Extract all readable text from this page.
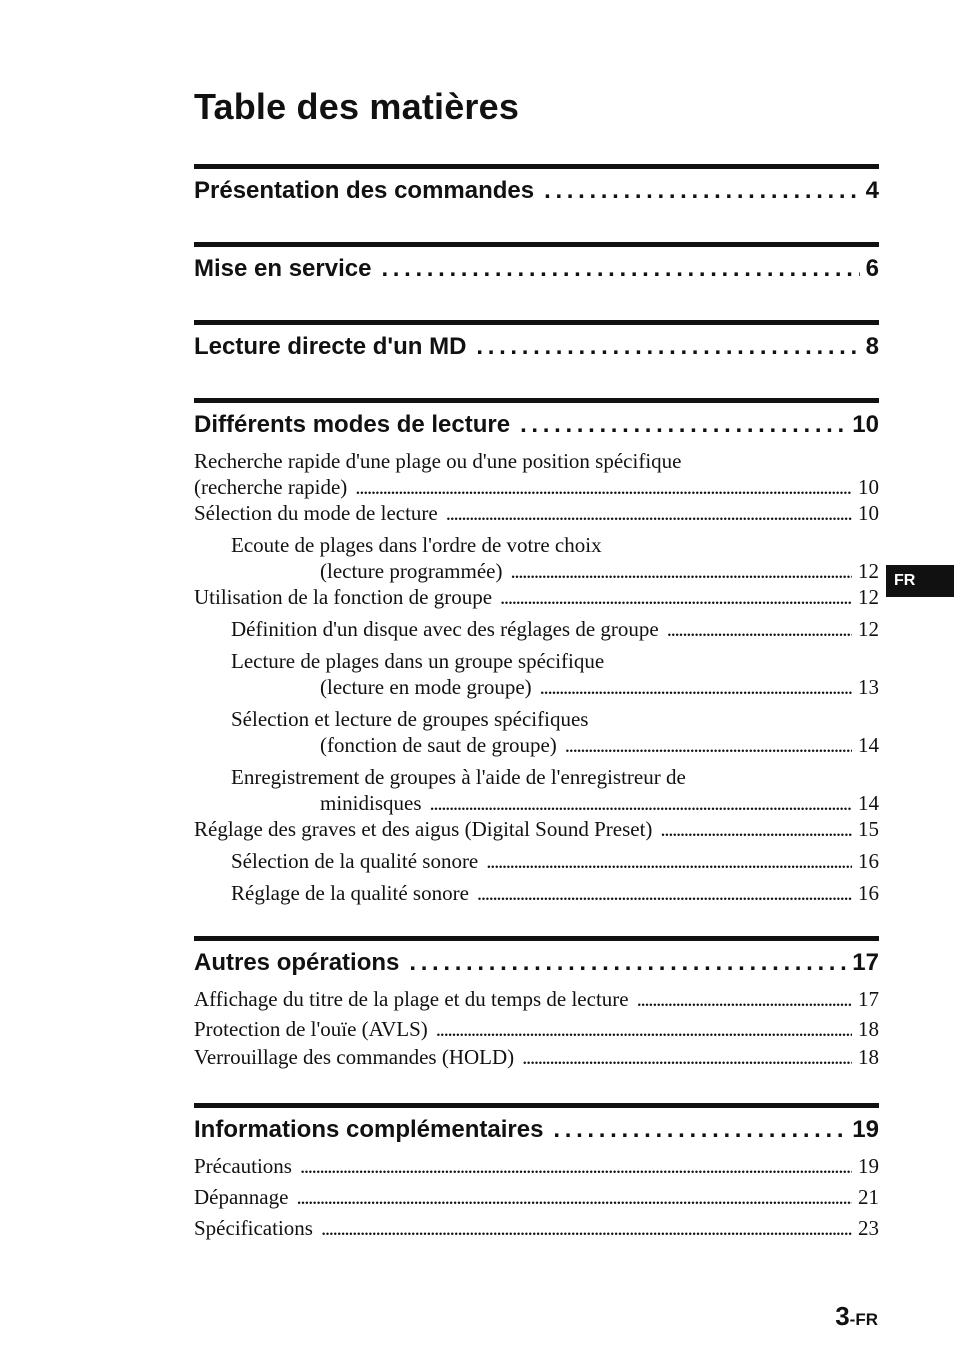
Table des matières
Présentation des commandes . . .	4
Mise en service . . .	6
Lecture directe d'un MD . . .	8
Différents modes de lecture . . .	10
Recherche rapide d'une plage ou d'une position spécifique
(recherche rapide) . . .	10
Sélection du mode de lecture . . .	10
Ecoute de plages dans l'ordre de votre choix
(lecture programmée) . . .	12
Utilisation de la fonction de groupe . . .	12
Définition d'un disque avec des réglages de groupe . . .	12
Lecture de plages dans un groupe spécifique
(lecture en mode groupe) . . .	13
Sélection et lecture de groupes spécifiques
(fonction de saut de groupe) . . .	14
Enregistrement de groupes à l'aide de l'enregistreur de
minidisques . . .	14
Réglage des graves et des aigus (Digital Sound Preset) . . .	15
Sélection de la qualité sonore . . .	16
Réglage de la qualité sonore . . .	16
Autres opérations . . .	17
Affichage du titre de la plage et du temps de lecture . . .	17
Protection de l'ouïe (AVLS) . . .	18
Verrouillage des commandes (HOLD) . . .	18
Informations complémentaires . . .	19
Précautions . . .	19
Dépannage . . .	21
Spécifications . . .	23
FR
3-FR
